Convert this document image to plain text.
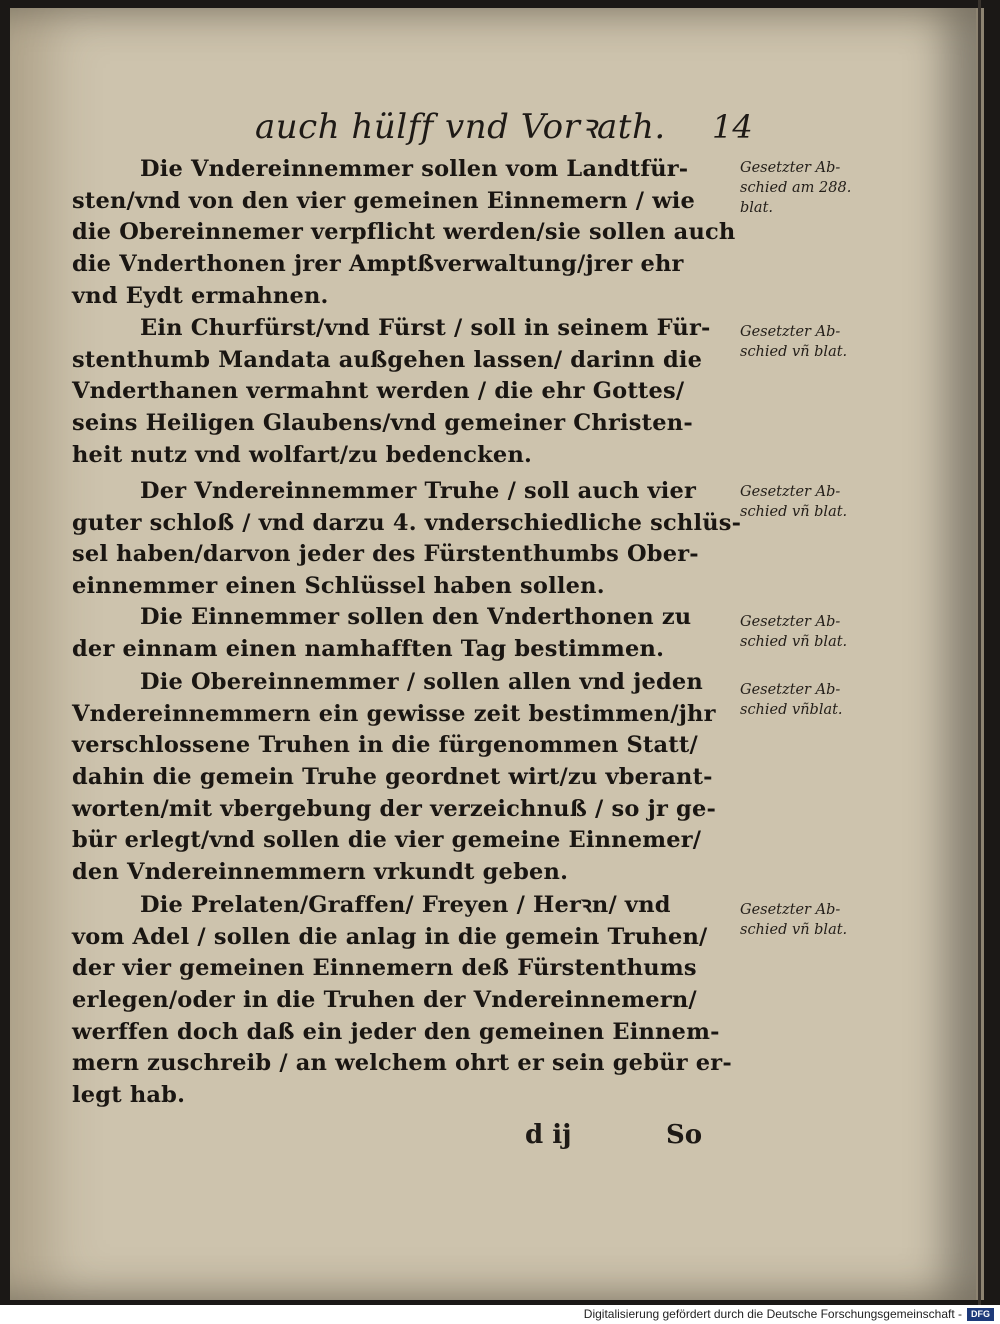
auch hülff vnd Vorꝛath. 14
Die Vndereinnemmer sollen vom Landtfür-
sten/vnd von den vier gemeinen Einnemern / wie
die Obereinnemer verpflicht werden/sie sollen auch
die Vnderthonen jrer Amptßverwaltung/jrer ehr
vnd Eydt ermahnen.
Ein Churfürst/vnd Fürst / soll in seinem Für-
stenthumb Mandata außgehen lassen/ darinn die
Vnderthanen vermahnt werden / die ehr Gottes/
seins Heiligen Glaubens/vnd gemeiner Christen-
heit nutz vnd wolfart/zu bedencken.
Der Vndereinnemmer Truhe / soll auch vier
guter schloß / vnd darzu 4. vnderschiedliche schlüs-
sel haben/darvon jeder des Fürstenthumbs Ober-
einnemmer einen Schlüssel haben sollen.
Die Einnemmer sollen den Vnderthonen zu
der einnam einen namhafften Tag bestimmen.
Die Obereinnemmer / sollen allen vnd jeden
Vndereinnemmern ein gewisse zeit bestimmen/jhr
verschlossene Truhen in die fürgenommen Statt/
dahin die gemein Truhe geordnet wirt/zu vberant-
worten/mit vbergebung der verzeichnuß / so jr ge-
bür erlegt/vnd sollen die vier gemeine Einnemer/
den Vndereinnemmern vrkundt geben.
Die Prelaten/Graffen/ Freyen / Herꝛn/ vnd
vom Adel / sollen die anlag in die gemein Truhen/
der vier gemeinen Einnemern deß Fürstenthums
erlegen/oder in die Truhen der Vndereinnemern/
werffen doch daß ein jeder den gemeinen Einnem-
mern zuschreib / an welchem ohrt er sein gebür er-
legt hab.
Gesetzter Ab-
schied am 288.
blat.
Gesetzter Ab-
schied vñ blat.
Gesetzter Ab-
schied vñ blat.
Gesetzter Ab-
schied vñ blat.
Gesetzter Ab-
schied vñblat.
Gesetzter Ab-
schied vñ blat.
d ij	So
Digitalisierung gefördert durch die Deutsche Forschungsgemeinschaft -	DFG
